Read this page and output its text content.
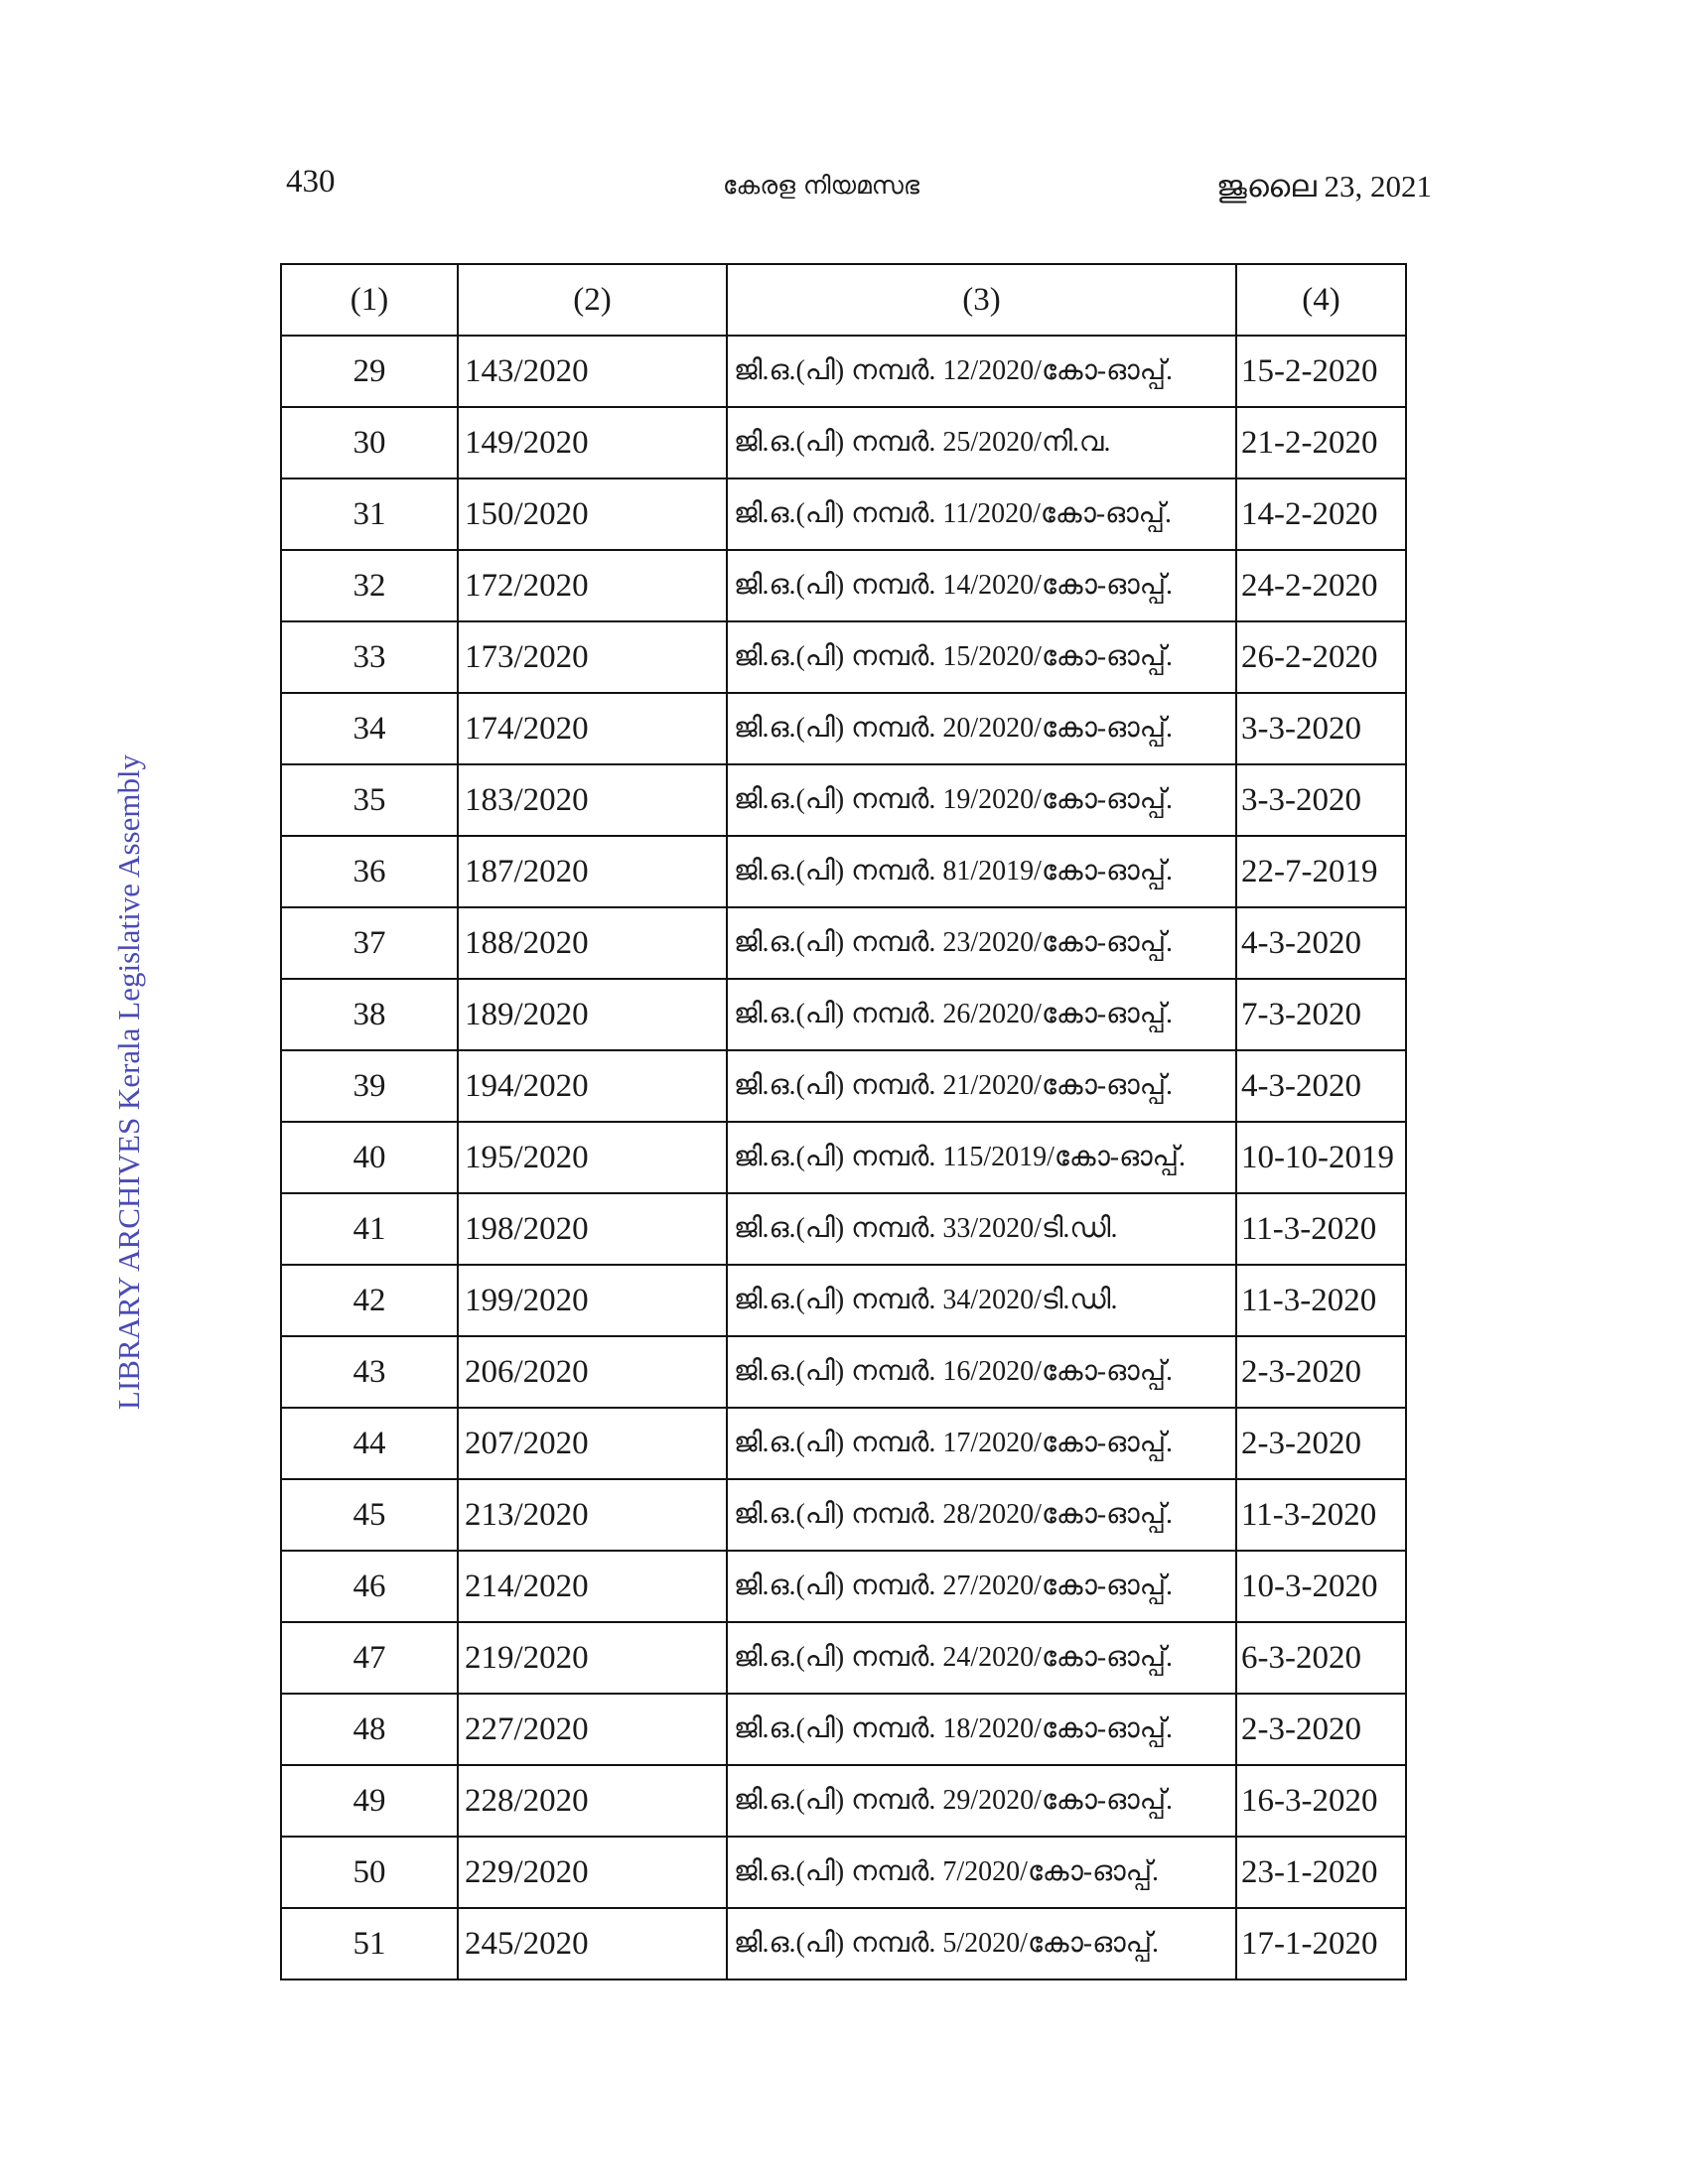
430	കേരള നിയമസഭ	ജൂലൈ 23, 2021
LIBRARY ARCHIVES Kerala Legislative Assembly
(1)	(2)	(3)	(4)
29	143/2020	ജി.ഒ.(പി) നമ്പർ. 12/2020/കോ-ഓപ്പ്.	15-2-2020
30	149/2020	ജി.ഒ.(പി) നമ്പർ. 25/2020/നി.വ.	21-2-2020
31	150/2020	ജി.ഒ.(പി) നമ്പർ. 11/2020/കോ-ഓപ്പ്.	14-2-2020
32	172/2020	ജി.ഒ.(പി) നമ്പർ. 14/2020/കോ-ഓപ്പ്.	24-2-2020
33	173/2020	ജി.ഒ.(പി) നമ്പർ. 15/2020/കോ-ഓപ്പ്.	26-2-2020
34	174/2020	ജി.ഒ.(പി) നമ്പർ. 20/2020/കോ-ഓപ്പ്.	3-3-2020
35	183/2020	ജി.ഒ.(പി) നമ്പർ. 19/2020/കോ-ഓപ്പ്.	3-3-2020
36	187/2020	ജി.ഒ.(പി) നമ്പർ. 81/2019/കോ-ഓപ്പ്.	22-7-2019
37	188/2020	ജി.ഒ.(പി) നമ്പർ. 23/2020/കോ-ഓപ്പ്.	4-3-2020
38	189/2020	ജി.ഒ.(പി) നമ്പർ. 26/2020/കോ-ഓപ്പ്.	7-3-2020
39	194/2020	ജി.ഒ.(പി) നമ്പർ. 21/2020/കോ-ഓപ്പ്.	4-3-2020
40	195/2020	ജി.ഒ.(പി) നമ്പർ. 115/2019/കോ-ഓപ്പ്.	10-10-2019
41	198/2020	ജി.ഒ.(പി) നമ്പർ. 33/2020/ടി.ഡി.	11-3-2020
42	199/2020	ജി.ഒ.(പി) നമ്പർ. 34/2020/ടി.ഡി.	11-3-2020
43	206/2020	ജി.ഒ.(പി) നമ്പർ. 16/2020/കോ-ഓപ്പ്.	2-3-2020
44	207/2020	ജി.ഒ.(പി) നമ്പർ. 17/2020/കോ-ഓപ്പ്.	2-3-2020
45	213/2020	ജി.ഒ.(പി) നമ്പർ. 28/2020/കോ-ഓപ്പ്.	11-3-2020
46	214/2020	ജി.ഒ.(പി) നമ്പർ. 27/2020/കോ-ഓപ്പ്.	10-3-2020
47	219/2020	ജി.ഒ.(പി) നമ്പർ. 24/2020/കോ-ഓപ്പ്.	6-3-2020
48	227/2020	ജി.ഒ.(പി) നമ്പർ. 18/2020/കോ-ഓപ്പ്.	2-3-2020
49	228/2020	ജി.ഒ.(പി) നമ്പർ. 29/2020/കോ-ഓപ്പ്.	16-3-2020
50	229/2020	ജി.ഒ.(പി) നമ്പർ. 7/2020/കോ-ഓപ്പ്.	23-1-2020
51	245/2020	ജി.ഒ.(പി) നമ്പർ. 5/2020/കോ-ഓപ്പ്.	17-1-2020
